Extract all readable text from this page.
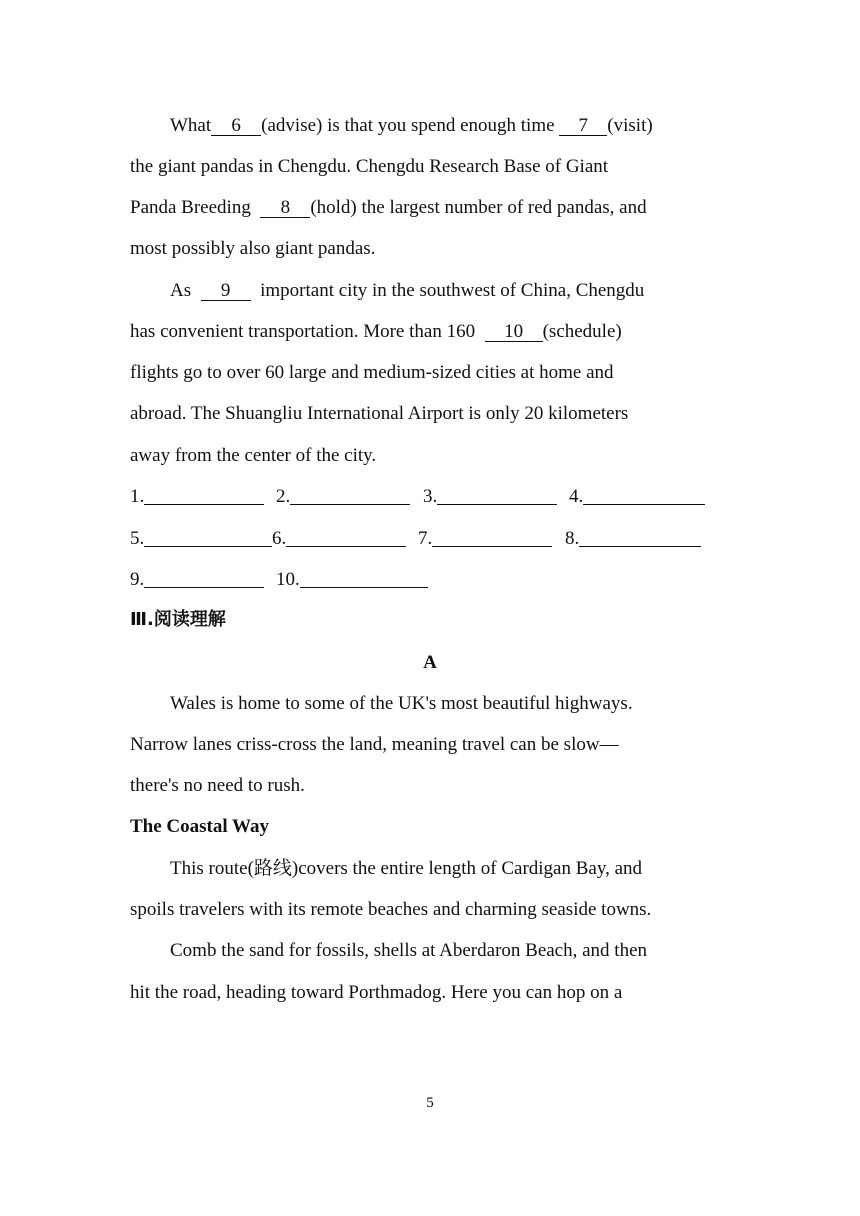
What 6 (advise) is that you spend enough time 7 (visit)
the giant pandas in Chengdu. Chengdu Research Base of Giant
Panda Breeding 8 (hold) the largest number of red pandas, and
most possibly also giant pandas.
As 9 important city in the southwest of China, Chengdu
has convenient transportation. More than 160 10 (schedule)
flights go to over 60 large and medium-sized cities at home and
abroad. The Shuangliu International Airport is only 20 kilometers
away from the center of the city.
1.	2.	3.	4.
5.	6.	7.	8.
9.	10.
Ⅲ.阅读理解
A
Wales is home to some of the UK's most beautiful highways.
Narrow lanes criss-cross the land, meaning travel can be slow—
there's no need to rush.
The Coastal Way
This route(路线)covers the entire length of Cardigan Bay, and
spoils travelers with its remote beaches and charming seaside towns.
Comb the sand for fossils, shells at Aberdaron Beach, and then
hit the road, heading toward Porthmadog. Here you can hop on a
5
